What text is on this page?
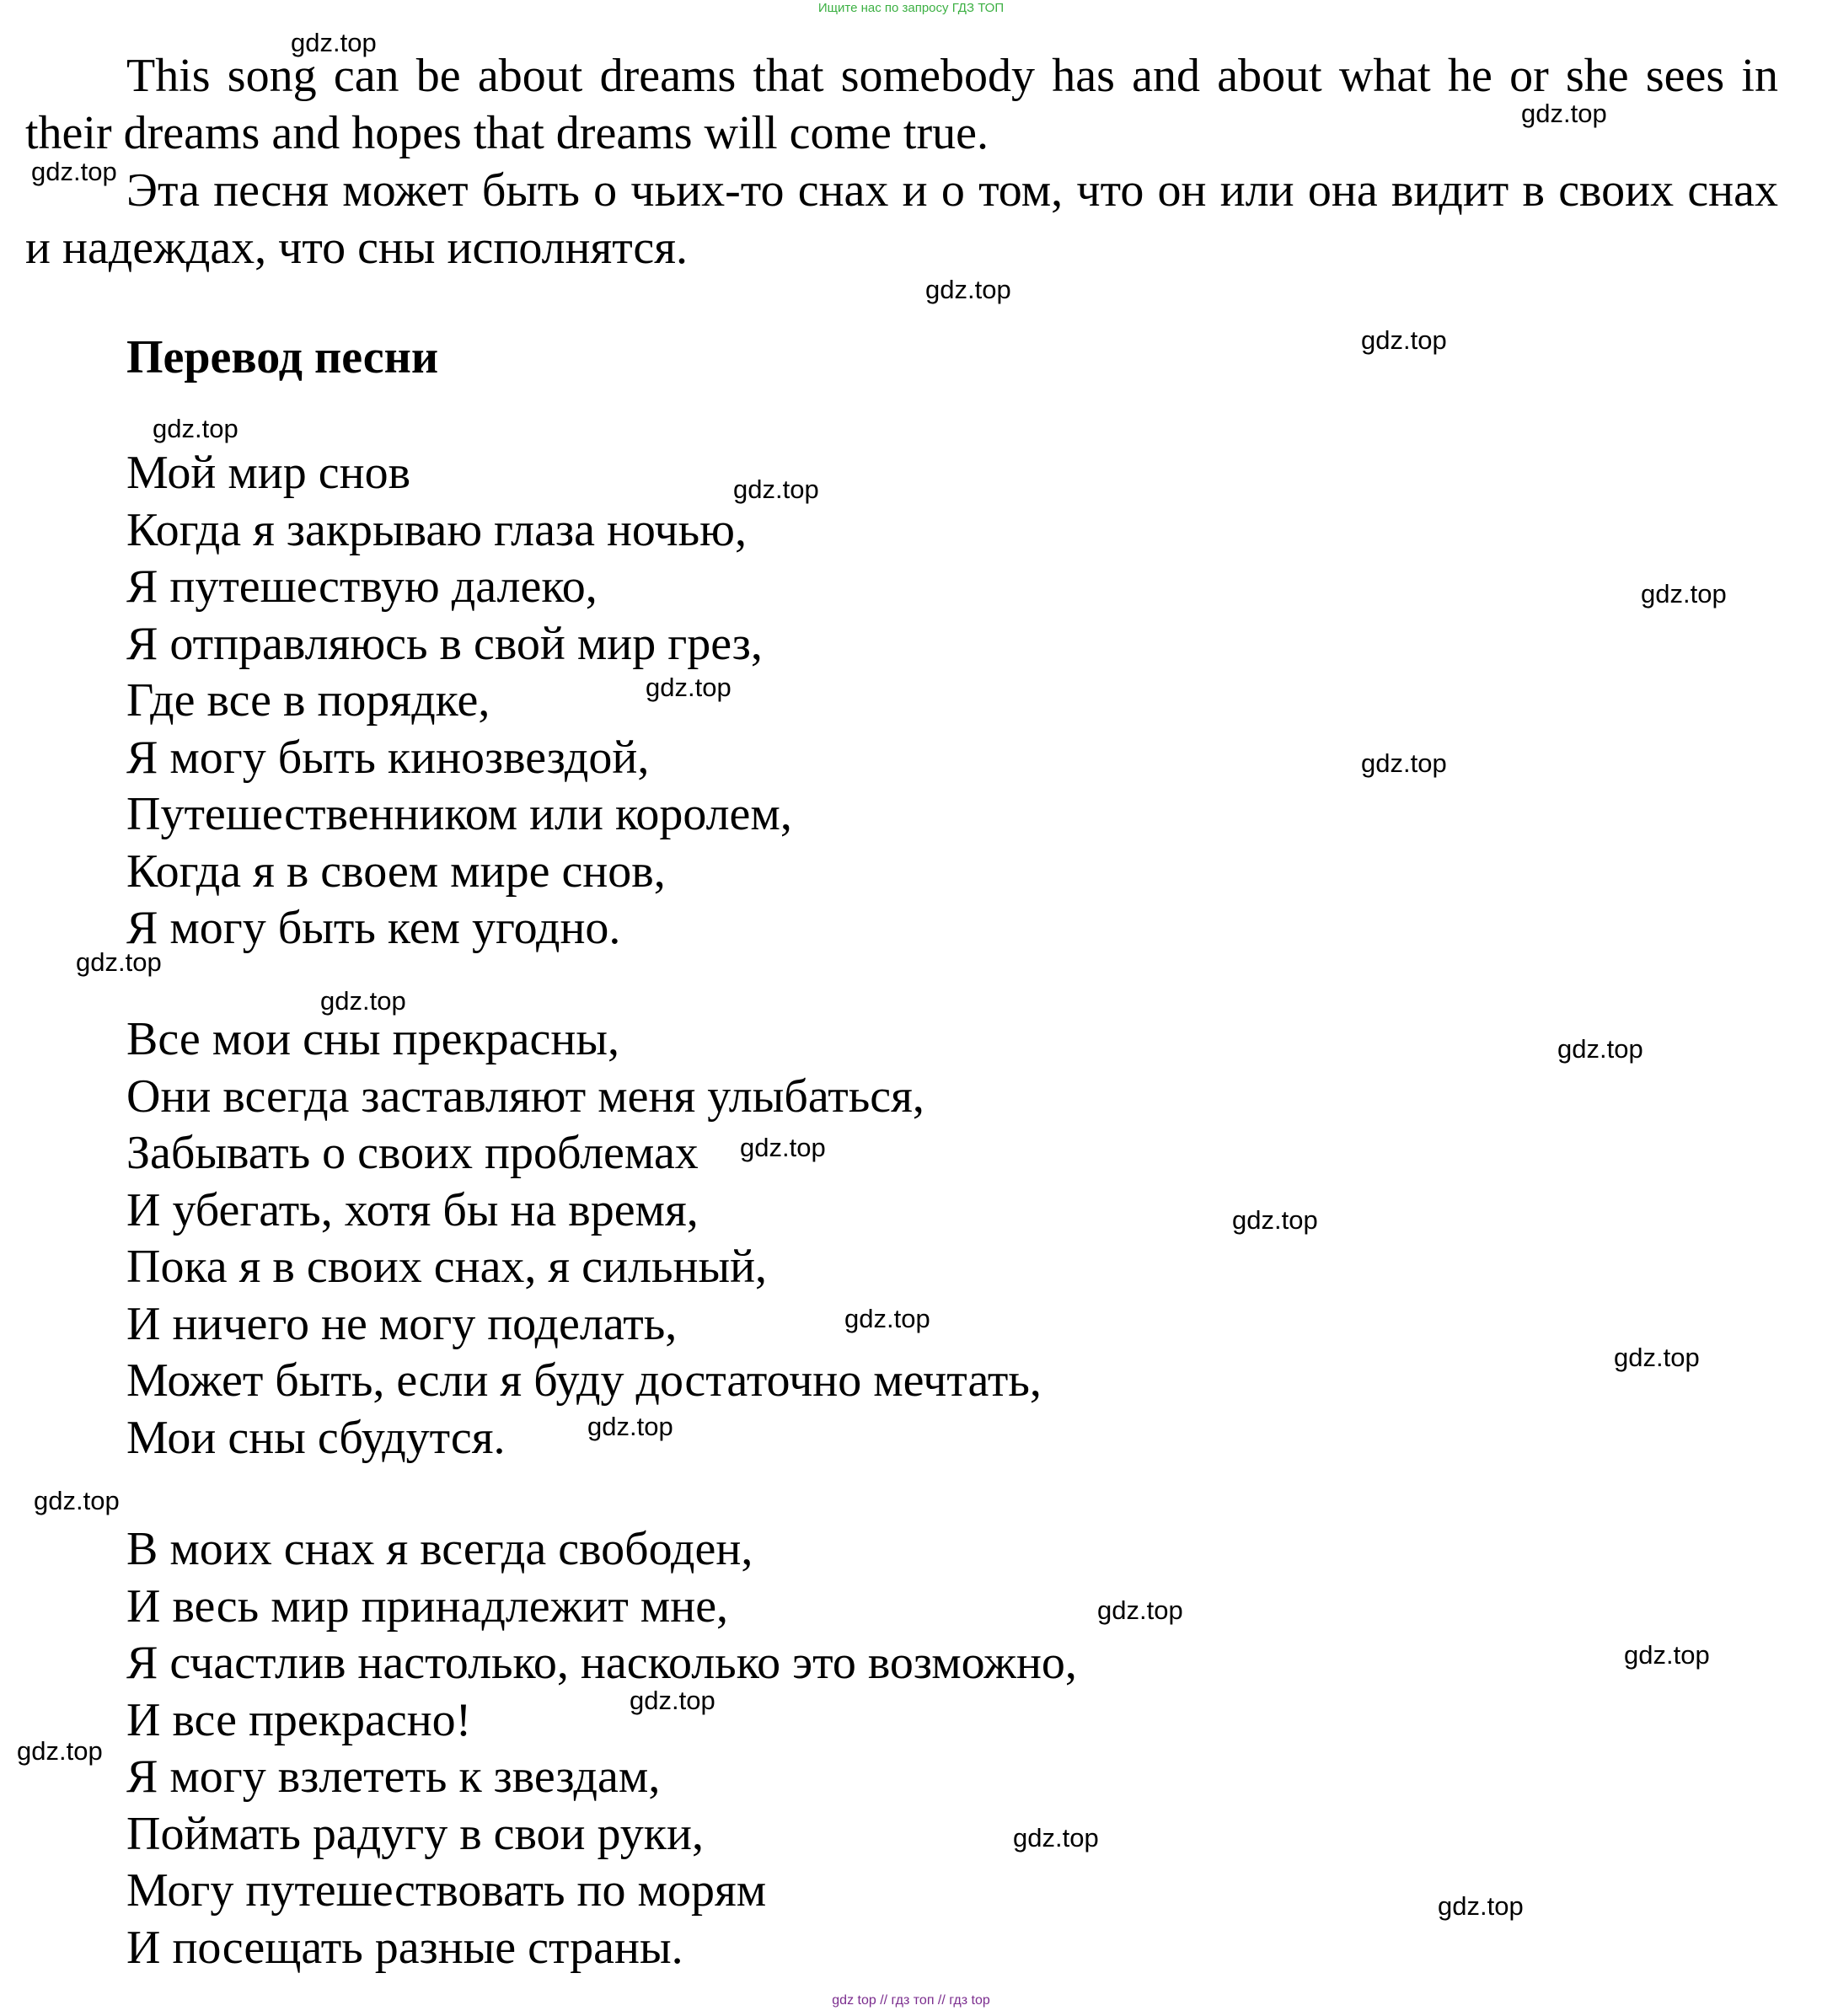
Ищите нас по запросу ГДЗ ТОП

This song can be about dreams that somebody has and about what he or she sees in their dreams and hopes that dreams will come true.

Эта песня может быть о чьих-то снах и о том, что он или она видит в своих снах и надеждах, что сны исполнятся.

Перевод песни
Мой мир снов
Когда я закрываю глаза ночью,
Я путешествую далеко,
Я отправляюсь в свой мир грез,
Где все в порядке,
Я могу быть кинозвездой,
Путешественником или королем,
Когда я в своем мире снов,
Я могу быть кем угодно.
Все мои сны прекрасны,
Они всегда заставляют меня улыбаться,
Забывать о своих проблемах
И убегать, хотя бы на время,
Пока я в своих снах, я сильный,
И ничего не могу поделать,
Может быть, если я буду достаточно мечтать,
Мои сны сбудутся.
В моих снах я всегда свободен,
И весь мир принадлежит мне,
Я счастлив настолько, насколько это возможно,
И все прекрасно!
Я могу взлететь к звездам,
Поймать радугу в свои руки,
Могу путешествовать по морям
И посещать разные страны.
gdz.top
gdz.top
gdz.top
gdz.top
gdz.top
gdz.top
gdz.top
gdz.top
gdz.top
gdz.top
gdz.top
gdz.top
gdz.top
gdz.top
gdz.top
gdz.top
gdz.top
gdz.top
gdz.top
gdz.top
gdz.top
gdz.top
gdz.top
gdz.top
gdz.top
gdz top // гдз топ // гдз top
